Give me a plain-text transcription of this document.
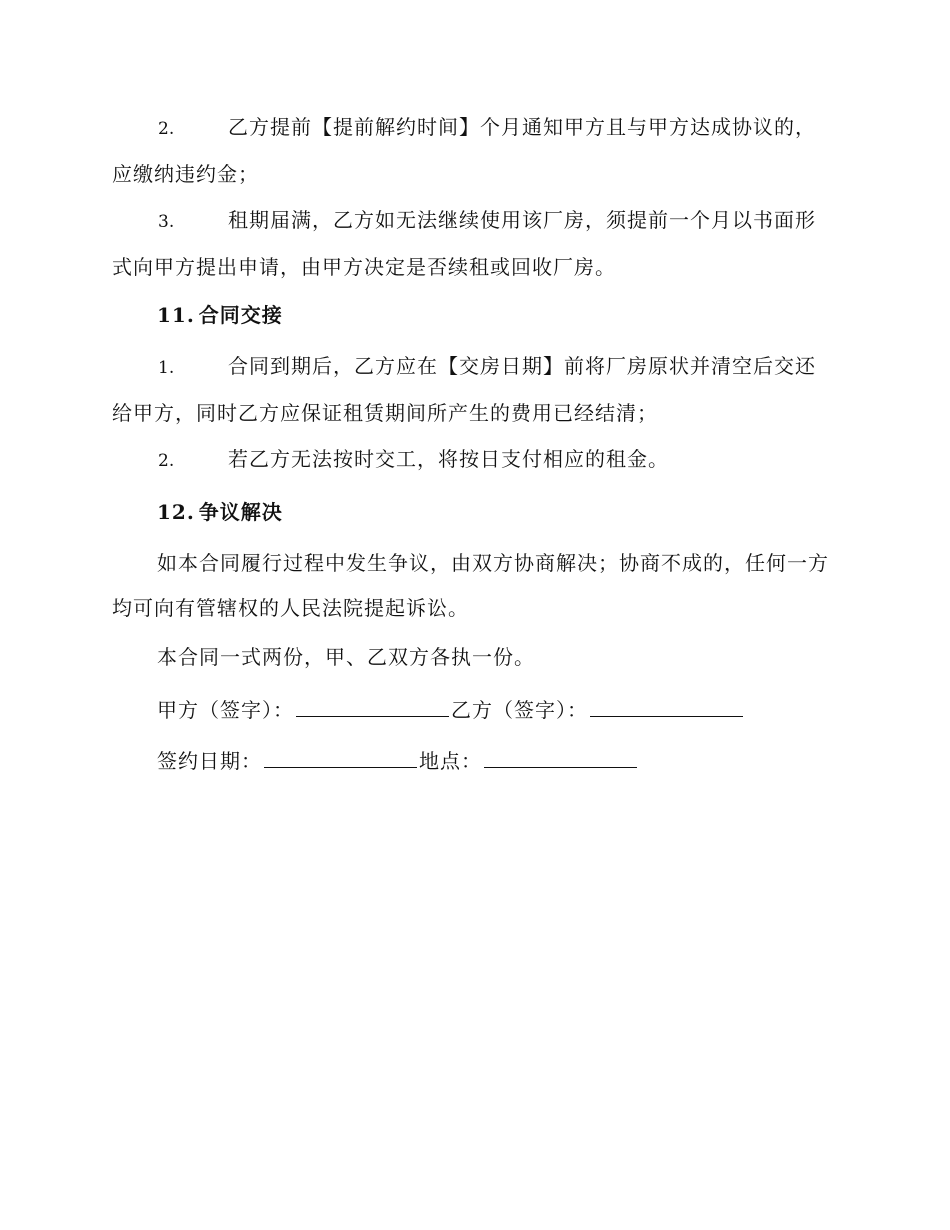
2.	乙方提前【提前解约时间】个月通知甲方且与甲方达成协议的，应缴纳违约金；

3.	租期届满，乙方如无法继续使用该厂房，须提前一个月以书面形式向甲方提出申请，由甲方决定是否续租或回收厂房。

11. 合同交接

1.	合同到期后，乙方应在【交房日期】前将厂房原状并清空后交还给甲方，同时乙方应保证租赁期间所产生的费用已经结清；

2.	若乙方无法按时交工，将按日支付相应的租金。

12. 争议解决

如本合同履行过程中发生争议，由双方协商解决；协商不成的，任何一方均可向有管辖权的人民法院提起诉讼。

本合同一式两份，甲、乙双方各执一份。

甲方（签字）：	乙方（签字）：
签约日期：	地点：
